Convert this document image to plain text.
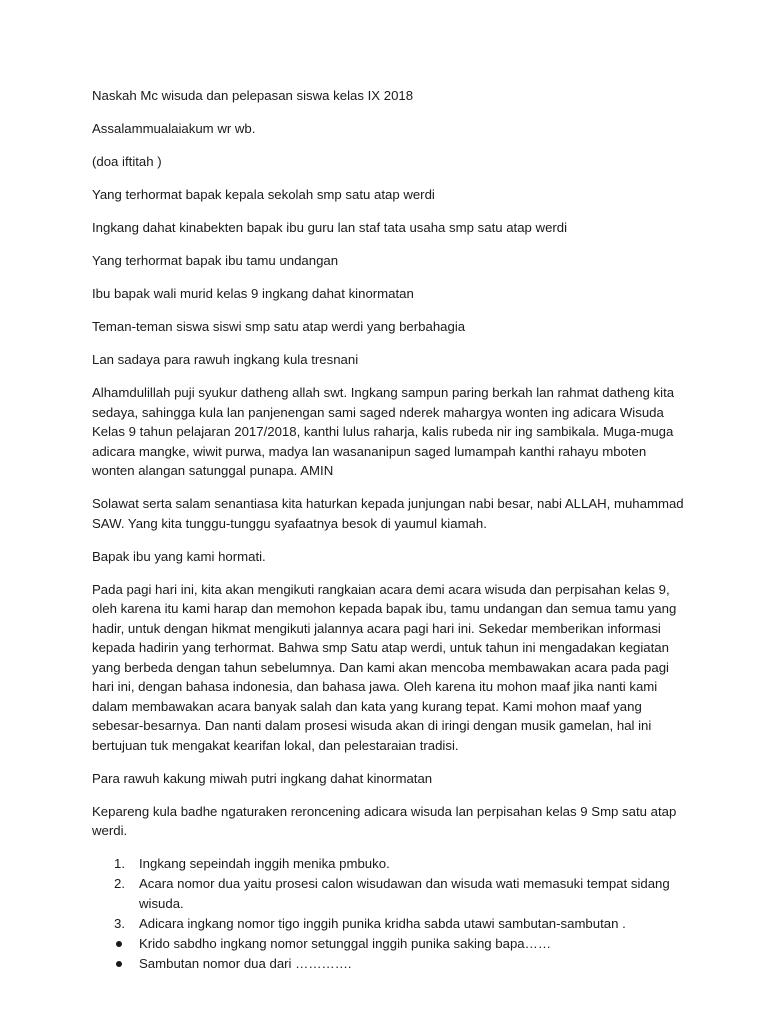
Naskah Mc wisuda dan pelepasan siswa kelas IX 2018

Assalammualaiakum wr wb.

(doa iftitah )

Yang terhormat bapak kepala sekolah smp satu atap werdi

Ingkang dahat kinabekten bapak ibu guru lan staf tata usaha smp satu atap werdi

Yang terhormat bapak ibu tamu undangan

Ibu bapak wali murid kelas 9 ingkang dahat kinormatan

Teman-teman siswa siswi smp satu atap werdi yang berbahagia

Lan sadaya para rawuh ingkang kula tresnani

Alhamdulillah puji syukur datheng allah swt. Ingkang sampun paring berkah lan rahmat datheng kita sedaya, sahingga kula lan panjenengan sami saged nderek mahargya wonten ing adicara Wisuda Kelas 9 tahun pelajaran 2017/2018, kanthi lulus raharja, kalis rubeda nir ing sambikala. Muga-muga adicara mangke, wiwit purwa, madya lan wasananipun saged lumampah kanthi rahayu mboten wonten alangan satunggal punapa. AMIN

Solawat serta salam senantiasa kita haturkan kepada junjungan nabi besar, nabi ALLAH, muhammad SAW. Yang kita tunggu-tunggu syafaatnya besok di yaumul kiamah.

Bapak ibu yang kami hormati.

Pada pagi hari ini, kita akan mengikuti rangkaian acara demi acara wisuda dan perpisahan kelas 9, oleh karena itu kami harap dan memohon kepada bapak ibu, tamu undangan dan semua tamu yang hadir, untuk dengan hikmat mengikuti jalannya acara pagi hari ini. Sekedar memberikan informasi kepada hadirin yang terhormat. Bahwa smp Satu atap werdi, untuk tahun ini mengadakan kegiatan yang berbeda dengan tahun sebelumnya. Dan kami akan mencoba membawakan acara pada pagi hari ini, dengan bahasa indonesia, dan bahasa jawa. Oleh karena itu mohon maaf jika nanti kami dalam membawakan acara banyak salah dan kata yang kurang tepat. Kami mohon maaf yang sebesar-besarnya. Dan nanti dalam prosesi wisuda akan di iringi dengan musik gamelan, hal ini bertujuan tuk mengakat kearifan lokal, dan pelestaraian tradisi.

Para rawuh kakung miwah putri ingkang dahat kinormatan

Kepareng kula badhe ngaturaken reroncening adicara wisuda lan perpisahan kelas 9 Smp satu atap werdi.

1. Ingkang sepeindah inggih menika pmbuko.
2. Acara nomor dua yaitu prosesi calon wisudawan dan wisuda wati memasuki tempat sidang wisuda.
3. Adicara ingkang nomor tigo inggih punika kridha sabda utawi sambutan-sambutan .
Krido sabdho ingkang nomor setunggal inggih punika saking bapa……
Sambutan nomor dua dari ………….
